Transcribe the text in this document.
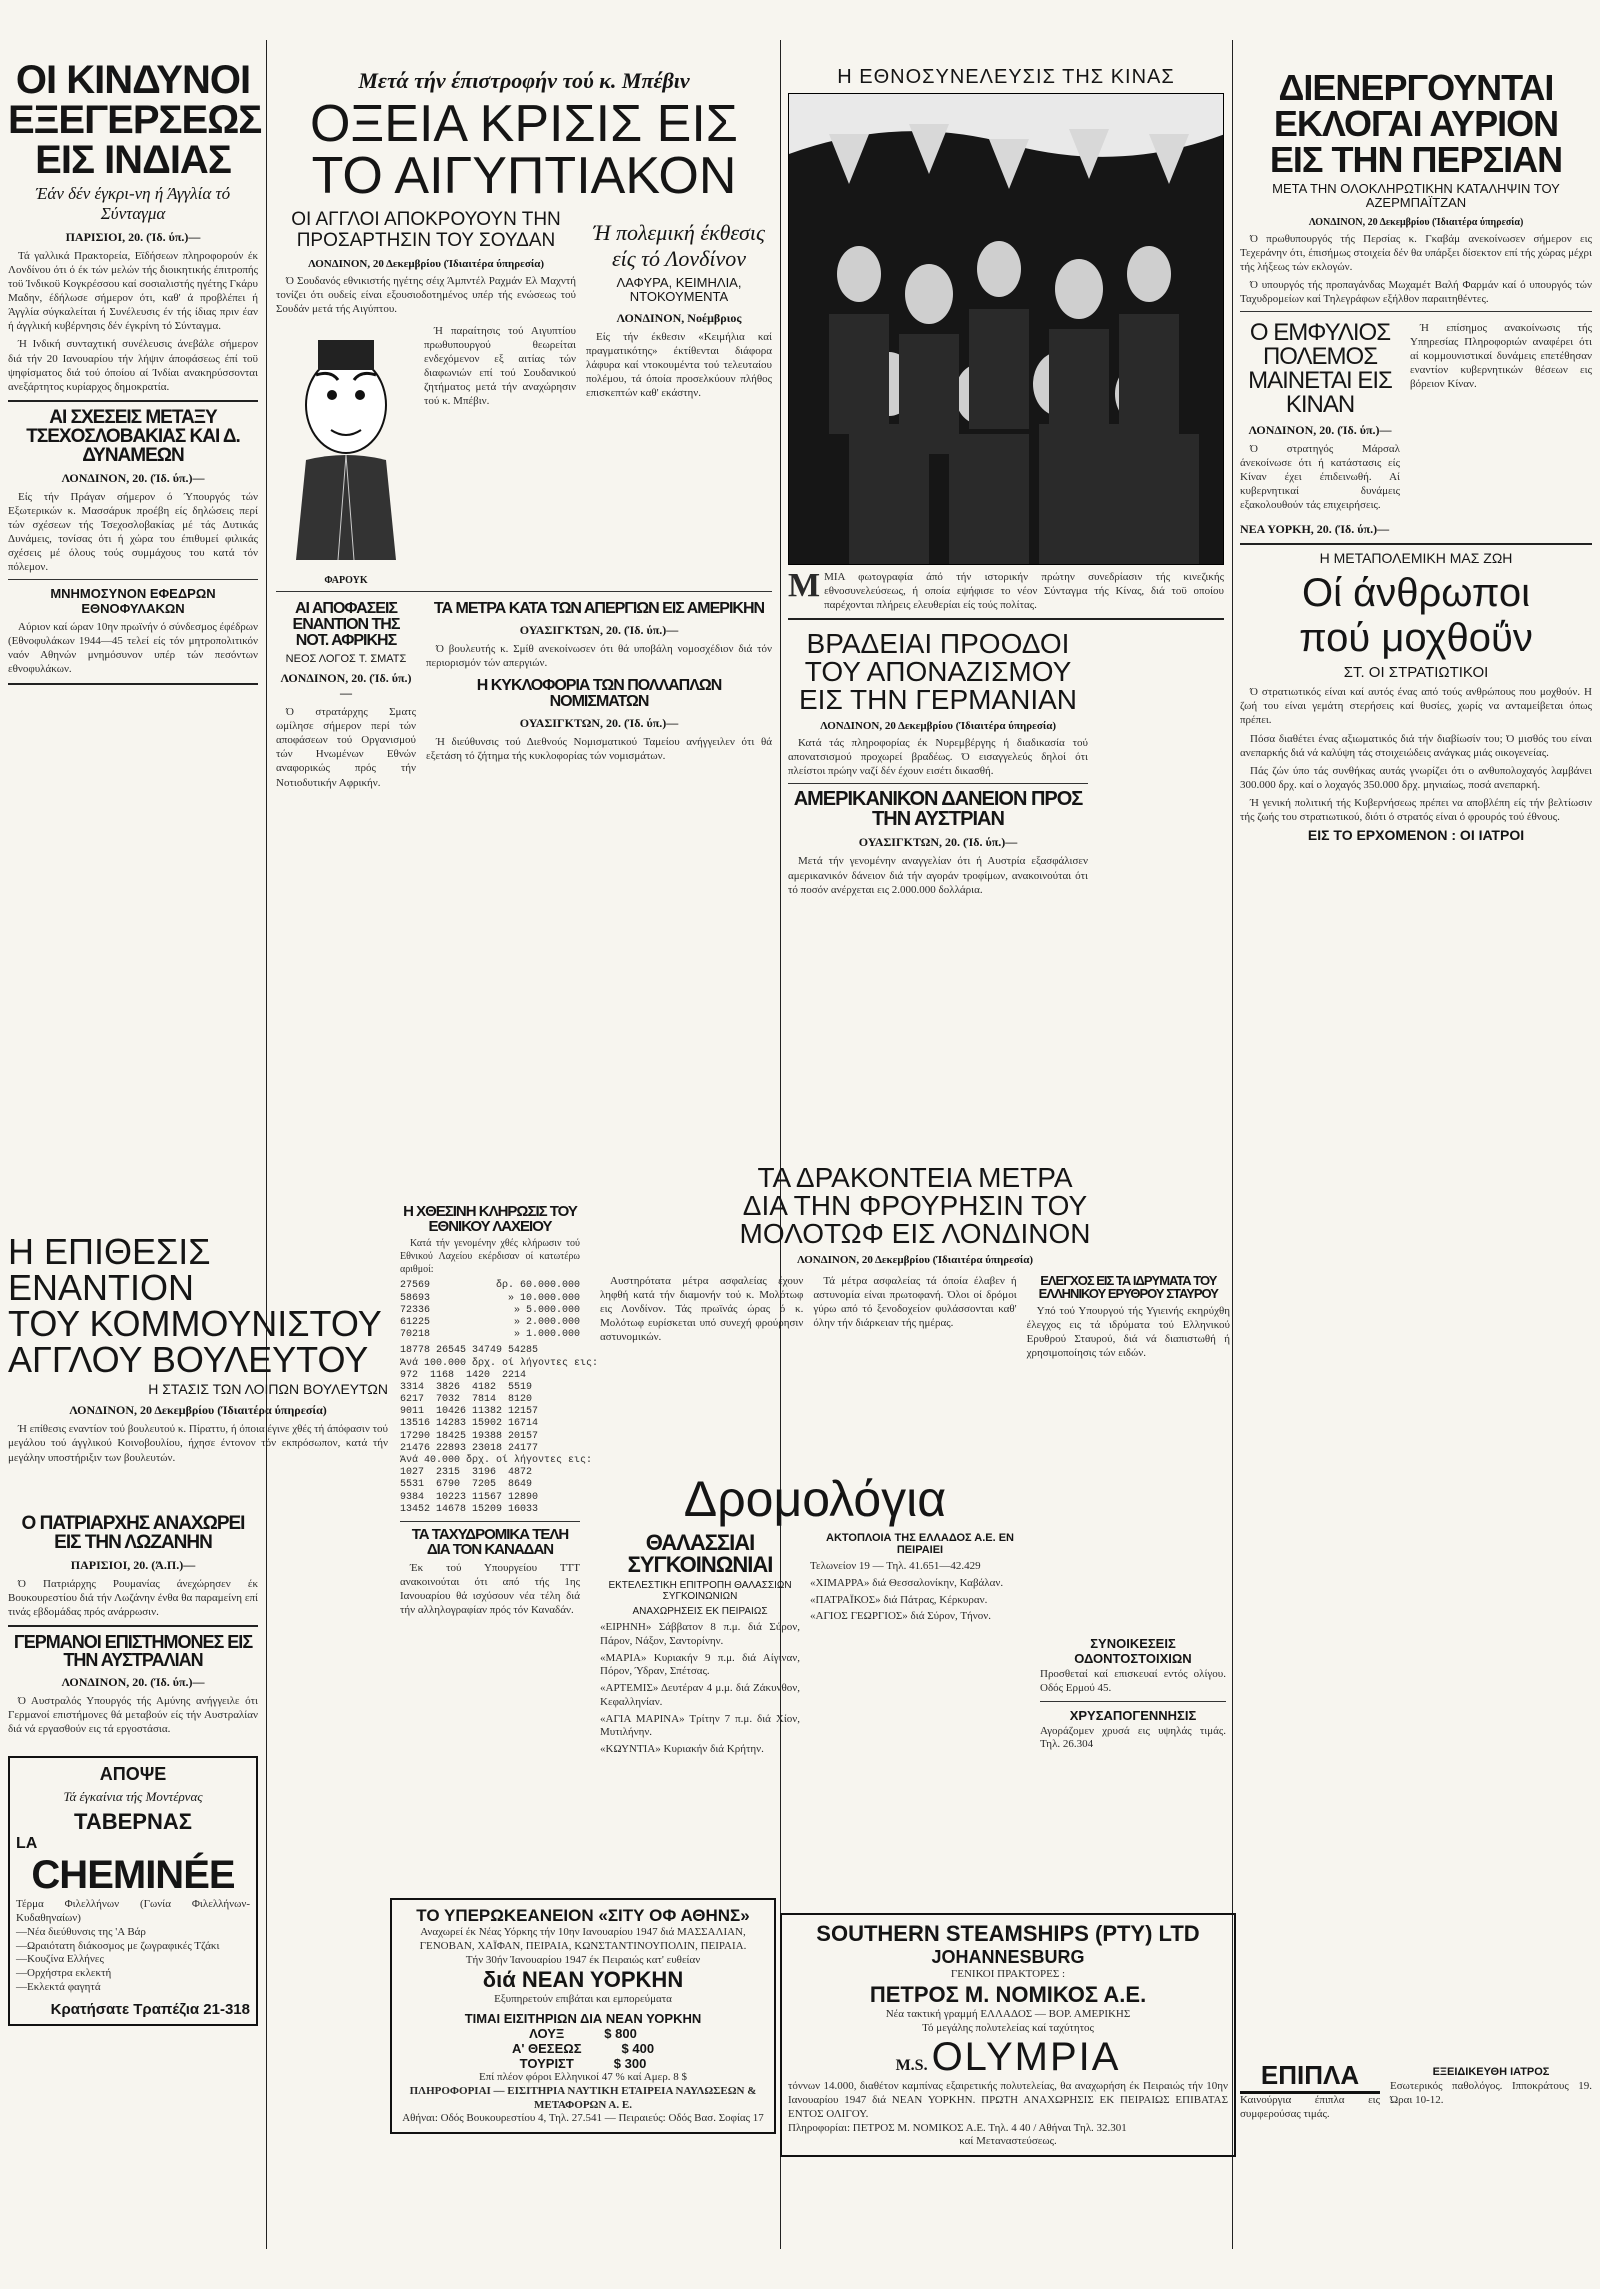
ΟΙ ΚΙΝΔΥΝΟΙ
ΕΞΕΓΕΡΣΕΩΣ
ΕΙΣ ΙΝΔΙΑΣ
Έάν δέν έγκρι-νη ή Άγγλία τό Σύνταγμα
ΠΑΡΙΣΙΟΙ, 20. (Ίδ. ύπ.)—
Τά γαλλικά Πρακτορεία, Εϊδήσεων πληροφορούν έκ Λονδίνου ότι ό έκ τών μελών τής διοικητικής έπιτροπής τοϋ Ίνδικοϋ Κογκρέσσου καί σοσιαλιστής ηγέτης Γκάρυ Μαδην, έδήλωσε σήμερον ότι, καθ' ά προβλέπει ή Άγγλία σύγκαλείται ή Συνέλευσις έν τής ίδιας πριν έαν ή άγγλική κυβέρνησις δέν έγκρίνη τό Σύνταγμα.
Ή Ινδική συνταχτική συνέλευσις άνεβάλε σήμερον διά τήν 20 Ιανουαρίου τήν λήψιν άποφάσεως έπί τοϋ ψηφίσματος διά τού όποίου αί Ίνδίαι ανακηρύσσονται ανεξάρτητος κυρίαρχος δημοκρατία.
ΑΙ ΣΧΕΣΕΙΣ ΜΕΤΑΞΥ ΤΣΕΧΟΣΛΟΒΑΚΙΑΣ ΚΑΙ Δ. ΔΥΝΑΜΕΩΝ
ΛΟΝΔΙΝΟΝ, 20. (Ίδ. ύπ.)—
Είς τήν Πράγαν σήμερον ό Ύπουργός τών Εξωτερικών κ. Μασσάρυκ προέβη είς δηλώσεις περί τών σχέσεων τής Τσεχοσλοβακίας μέ τάς Δυτικάς Δυνάμεις, τονίσας ότι ή χώρα του έπιθυμεί φιλικάς σχέσεις μέ όλους τούς συμμάχους του κατά τόν πόλεμον.
ΜΝΗΜΟΣΥΝΟΝ ΕΦΕΔΡΩΝ ΕΘΝΟΦΥΛΑΚΩΝ
Αύριον καί ώραν 10ην πρωϊνήν ό σύνδεσμος έφέδρων (Εθνοφυλάκων 1944—45 τελεί είς τόν μητροπολιτικόν ναόν Αθηνών μνημόσυνον υπέρ τών πεσόντων εθνοφυλάκων.
Η ΕΠΙΘΕΣΙΣ ΕΝΑΝΤΙΟΝ
ΤΟΥ ΚΟΜΜΟΥΝΙΣΤΟΥ
ΑΓΓΛΟΥ ΒΟΥΛΕΥΤΟΥ
Η ΣΤΑΣΙΣ ΤΩΝ ΛΟΙΠΩΝ ΒΟΥΛΕΥΤΩΝ
ΛΟΝΔΙΝΟΝ, 20 Δεκεμβρίου (Ίδιαιτέρα ύπηρεσία)
Ή επίθεσις εναντίον τού βουλευτού κ. Πίραττυ, ή όποια έγινε χθές τή άπόφασιν τού μεγάλου τού άγγλικού Κοινοβουλίου, ήχησε έντονον τόν εκπρόσωπον, κατά τήν μεγάλην υποστήριξιν των βουλευτών.
Ο ΠΑΤΡΙΑΡΧΗΣ ΑΝΑΧΩΡΕΙ ΕΙΣ ΤΗΝ ΛΩΖΑΝΗΝ
ΠΑΡΙΣΙΟΙ, 20. (Ά.Π.)—
Ό Πατριάρχης Ρουμανίας άνεχώρησεν έκ Βουκουρεστίου διά τήν Λωζάνην ένθα θα παραμείνη επί τινάς εβδομάδας πρός ανάρρωσιν.
ΓΕΡΜΑΝΟΙ ΕΠΙΣΤΗΜΟΝΕΣ ΕΙΣ ΤΗΝ ΑΥΣΤΡΑΛΙΑΝ
ΛΟΝΔΙΝΟΝ, 20. (Ίδ. ύπ.)—
Ό Αυστραλός Υπουργός τής Αμύνης ανήγγειλε ότι Γερμανοί επιστήμονες θά μεταβούν είς τήν Αυστραλίαν διά νά εργασθούν εις τά εργοστάσια.
ΑΠΟΨΕ
Τά έγκαίνια τής Μοντέρνας
ΤΑΒΕΡΝΑΣ
LA
CHEMINÉE
Τέρμα Φιλελλήνων (Γωνία Φιλελλήνων-Κυδαθηναίων)
—Νέα διεύθυνσις της 'Α Βάρ
—Ωραιότατη διάκοσμος με ζωγραφικές Τζάκι
—Κουζίνα Ελλήνες
—Ορχήστρα εκλεκτή
—Εκλεκτά φαγητά
Κρατήσατε Τραπέζια 21-318
Μετά τήν έπιστροφήν τού κ. Μπέβιν
ΟΞΕΙΑ ΚΡΙΣΙΣ ΕΙΣ
ΤΟ ΑΙΓΥΠΤΙΑΚΟΝ
ΟΙ ΑΓΓΛΟΙ ΑΠΟΚΡΟΥΟΥΝ ΤΗΝ ΠΡΟΣΑΡΤΗΣΙΝ ΤΟΥ ΣΟΥΔΑΝ
ΛΟΝΔΙΝΟΝ, 20 Δεκεμβρίου (Ίδιαιτέρα ύπηρεσία)
Ό Σουδανός εθνικιστής ηγέτης σέιχ Άμπντέλ Ραχμάν Ελ Μαχντή τονίζει ότι ουδείς είναι εξουσιοδοτημένος υπέρ τής ενώσεως τού Σουδάν μετά τής Αιγύπτου.
ΦΑΡΟΥΚ
Ή παραίτησις τού Αιγυπτίου πρωθυπουργού θεωρείται ενδεχόμενον εξ αιτίας τών διαφωνιών επί τού Σουδανικού ζητήματος μετά τήν αναχώρησιν τού κ. Μπέβιν.
Ή πολεμική έκθεσις είς τό Λονδίνον
ΛΑΦΥΡΑ, ΚΕΙΜΗΛΙΑ, ΝΤΟΚΟΥΜΕΝΤΑ
ΛΟΝΔΙΝΟΝ, Νοέμβριος
Είς τήν έκθεσιν «Κειμήλια καί πραγματικότης» έκτίθενται διάφορα λάφυρα καί ντοκουμέντα τού τελευταίου πολέμου, τά όποία προσελκύουν πλήθος επισκεπτών καθ' εκάστην.
ΑΙ ΑΠΟΦΑΣΕΙΣ ΕΝΑΝΤΙΟΝ ΤΗΣ ΝΟΤ. ΑΦΡΙΚΗΣ
ΝΕΟΣ ΛΟΓΟΣ Τ. ΣΜΑΤΣ
ΛΟΝΔΙΝΟΝ, 20. (Ίδ. ύπ.)—
Ό στρατάρχης Σματς ωμίλησε σήμερον περί τών αποφάσεων τού Οργανισμού τών Ηνωμένων Εθνών αναφορικώς πρός τήν Νοτιοδυτικήν Αφρικήν.
ΤΑ ΜΕΤΡΑ ΚΑΤΑ ΤΩΝ ΑΠΕΡΓΙΩΝ ΕΙΣ ΑΜΕΡΙΚΗΝ
ΟΥΑΣΙΓΚΤΩΝ, 20. (Ίδ. ύπ.)—
Ό βουλευτής κ. Σμίθ ανεκοίνωσεν ότι θά υποβάλη νομοσχέδιον διά τόν περιορισμόν τών απεργιών.
Η ΚΥΚΛΟΦΟΡΙΑ ΤΩΝ ΠΟΛΛΑΠΛΩΝ ΝΟΜΙΣΜΑΤΩΝ
ΟΥΑΣΙΓΚΤΩΝ, 20. (Ίδ. ύπ.)—
Ή διεύθυνσις τού Διεθνούς Νομισματικού Ταμείου ανήγγειλεν ότι θά εξετάση τό ζήτημα τής κυκλοφορίας τών νομισμάτων.
Η ΧΘΕΣΙΝΗ ΚΛΗΡΩΣΙΣ ΤΟΥ ΕΘΝΙΚΟΥ ΛΑΧΕΙΟΥ
Κατά τήν γενομένην χθές κλήρωσιν τού Εθνικού Λαχείου εκέρδισαν οί κατωτέρω αριθμοί:
27569	δρ. 60.000.000
58693	» 10.000.000
72336	» 5.000.000
61225	» 2.000.000
70218	» 1.000.000
18778 26545 34749 54285
Άνά 100.000 δρχ. οί λήγοντες εις:
972  1168  1420  2214
3314  3826  4182  5519
6217  7032  7814  8120
9011  10426 11382 12157
13516 14283 15902 16714
17290 18425 19388 20157
21476 22893 23018 24177
Άνά 40.000 δρχ. οί λήγοντες εις:
1027  2315  3196  4872
5531  6790  7205  8649
9384  10223 11567 12890
13452 14678 15209 16033
ΤΑ ΤΑΧΥΔΡΟΜΙΚΑ ΤΕΛΗ ΔΙΑ ΤΟΝ ΚΑΝΑΔΑΝ
Έκ τού Υπουργείου ΤΤΤ ανακοινούται ότι από τής 1ης Ιανουαρίου θά ισχύσουν νέα τέλη διά τήν αλληλογραφίαν πρός τόν Καναδάν.
Η ΕΘΝΟΣΥΝΕΛΕΥΣΙΣ ΤΗΣ ΚΙΝΑΣ
Μ ΜΙΑ φωτογραφία άπό τήν ιστορικήν πρώτην συνεδρίασιν τής κινεζικής εθνοσυνελεύσεως, ή οποία εψήφισε το νέον Σύνταγμα τής Κίνας, διά τοϋ οποίου παρέχονται πλήρεις ελευθερίαι είς τούς πολίτας.
ΒΡΑΔΕΙΑΙ ΠΡΟΟΔΟΙ
ΤΟΥ ΑΠΟΝΑΖΙΣΜΟΥ
ΕΙΣ ΤΗΝ ΓΕΡΜΑΝΙΑΝ
ΛΟΝΔΙΝΟΝ, 20 Δεκεμβρίου (Ίδιαιτέρα ύπηρεσία)
Κατά τάς πληροφορίας έκ Νυρεμβέργης ή διαδικασία τού απονατσισμού προχωρεί βραδέως. Ό εισαγγελεύς δηλοί ότι πλείστοι πρώην ναζί δέν έχουν εισέτι δικασθή.
ΑΜΕΡΙΚΑΝΙΚΟΝ ΔΑΝΕΙΟΝ ΠΡΟΣ ΤΗΝ ΑΥΣΤΡΙΑΝ
ΟΥΑΣΙΓΚΤΩΝ, 20. (Ίδ. ύπ.)—
Μετά τήν γενομένην αναγγελίαν ότι ή Αυστρία εξασφάλισεν αμερικανικόν δάνειον διά τήν αγοράν τροφίμων, ανακοινούται ότι τό ποσόν ανέρχεται εις 2.000.000 δολλάρια.
ΤΑ ΔΡΑΚΟΝΤΕΙΑ ΜΕΤΡΑ
ΔΙΑ ΤΗΝ ΦΡΟΥΡΗΣΙΝ ΤΟΥ
ΜΟΛΟΤΩΦ ΕΙΣ ΛΟΝΔΙΝΟΝ
ΛΟΝΔΙΝΟΝ, 20 Δεκεμβρίου (Ίδιαιτέρα ύπηρεσία)
Αυστηρότατα μέτρα ασφαλείας έχουν ληφθή κατά τήν διαμονήν τού κ. Μολότωφ εις Λονδίνον. Τάς πρωϊνάς ώρας ό κ. Μολότωφ ευρίσκεται υπό συνεχή φρούρησιν αστυνομικών.
Τά μέτρα ασφαλείας τά όποία έλαβεν ή αστυνομία είναι πρωτοφανή. Όλοι οί δρόμοι γύρω από τό ξενοδοχείον φυλάσσονται καθ' όλην τήν διάρκειαν τής ημέρας.
ΕΛΕΓΧΟΣ ΕΙΣ ΤΑ ΙΔΡΥΜΑΤΑ ΤΟΥ ΕΛΛΗΝΙΚΟΥ ΕΡΥΘΡΟΥ ΣΤΑΥΡΟΥ
Υπό τού Υπουργού τής Υγιεινής εκηρύχθη έλεγχος εις τά ιδρύματα τού Ελληνικού Ερυθρού Σταυρού, διά νά διαπιστωθή ή χρησιμοποίησις τών ειδών.
Δρομολόγια
ΘΑΛΑΣΣΙΑΙ ΣΥΓΚΟΙΝΩΝΙΑΙ
ΕΚΤΕΛΕΣΤΙΚΗ ΕΠΙΤΡΟΠΗ ΘΑΛΑΣΣΙΩΝ ΣΥΓΚΟΙΝΩΝΙΩΝ
ΑΝΑΧΩΡΗΣΕΙΣ ΕΚ ΠΕΙΡΑΙΩΣ
«ΕΙΡΗΝΗ» Σάββατον 8 π.μ. διά Σύρον, Πάρον, Νάξον, Σαντορίνην.
«ΜΑΡΙΑ» Κυριακήν 9 π.μ. διά Αίγιναν, Πόρον, Ύδραν, Σπέτσας.
«ΑΡΤΕΜΙΣ» Δευτέραν 4 μ.μ. διά Ζάκυνθον, Κεφαλληνίαν.
«ΑΓΙΑ ΜΑΡΙΝΑ» Τρίτην 7 π.μ. διά Χίον, Μυτιλήνην.
«ΚΩΥΝΤΙΑ» Κυριακήν διά Κρήτην.
ΑΚΤΟΠΛΟΙΑ ΤΗΣ ΕΛΛΑΔΟΣ Α.Ε. ΕΝ ΠΕΙΡΑΙΕΙ
Τελωνείον 19 — Τηλ. 41.651—42.429
«ΧΙΜΑΡΡΑ» διά Θεσσαλονίκην, Καβάλαν.
«ΠΑΤΡΑΪΚΟΣ» διά Πάτρας, Κέρκυραν.
«ΑΓΙΟΣ ΓΕΩΡΓΙΟΣ» διά Σύρον, Τήνον.
ΤΟ ΥΠΕΡΩΚΕΑΝΕΙΟΝ «ΣΙΤΥ ΟΦ ΑΘΗΝΣ»
Αναχωρεί έκ Νέας Υόρκης τήν 10ην Ιανουαρίου 1947 διά ΜΑΣΣΑΛΙΑΝ, ΓΕΝΟΒΑΝ, ΧΑΪΦΑΝ, ΠΕΙΡΑΙΑ, ΚΩΝΣΤΑΝΤΙΝΟΥΠΟΛΙΝ, ΠΕΙΡΑΙΑ.
Τήν 30ήν Ίανουαρίου 1947 έκ Πειραιώς κατ' ευθείαν
διά ΝΕΑΝ ΥΟΡΚΗΝ
Εξυπηρετούν επιβάται και εμπορεύματα
ΤΙΜΑΙ ΕΙΣΙΤΗΡΙΩΝ ΔΙΑ ΝΕΑΝ ΥΟΡΚΗΝ
ΛΟΥΞ	$ 800
Α' ΘΕΣΕΩΣ	$ 400
ΤΟΥΡΙΣΤ	$ 300
Επί πλέον φόροι Ελληνικοί 47 % καί Αμερ. 8 $
ΠΛΗΡΟΦΟΡΙΑΙ — ΕΙΣΙΤΗΡΙΑ ΝΑΥΤΙΚΗ ΕΤΑΙΡΕΙΑ ΝΑΥΛΩΣΕΩΝ & ΜΕΤΑΦΟΡΩΝ Α. Ε.
Αθήναι: Οδός Βουκουρεστίου 4, Τηλ. 27.541 — Πειραιεύς: Οδός Βασ. Σοφίας 17
ΔΙΕΝΕΡΓΟΥΝΤΑΙ
ΕΚΛΟΓΑΙ ΑΥΡΙΟΝ
ΕΙΣ ΤΗΝ ΠΕΡΣΙΑΝ
ΜΕΤΑ ΤΗΝ ΟΛΟΚΛΗΡΩΤΙΚΗΝ ΚΑΤΑΛΗΨΙΝ ΤΟΥ ΑΖΕΡΜΠΑΪΤΖΑΝ
ΛΟΝΔΙΝΟΝ, 20 Δεκεμβρίου (Ίδιαιτέρα ύπηρεσία)
Ό πρωθυπουργός τής Περσίας κ. Γκαβάμ ανεκοίνωσεν σήμερον εις Τεχεράνην ότι, έπισήμως στοιχεία δέν θα υπάρξει δίσεκτον επί τής χώρας μέχρι τής λήξεως τών εκλογών.
Ό υπουργός τής προπαγάνδας Μωχαμέτ Βαλή Φαρμάν καί ό υπουργός τών Ταχυδρομείων καί Τηλεγράφων εξήλθον παραιτηθέντες.
Ο ΕΜΦΥΛΙΟΣ ΠΟΛΕΜΟΣ ΜΑΙΝΕΤΑΙ ΕΙΣ ΚΙΝΑΝ
ΛΟΝΔΙΝΟΝ, 20. (Ίδ. ύπ.)—
Ό στρατηγός Μάρσαλ άνεκοίνωσε ότι ή κατάστασις είς Κίναν έχει έπιδεινωθή. Αί κυβερνητικαί δυνάμεις εξακολουθούν τάς επιχειρήσεις.
Ή επίσημος ανακοίνωσις τής Υπηρεσίας Πληροφοριών αναφέρει ότι αί κομμουνιστικαί δυνάμεις επετέθησαν εναντίον κυβερνητικών θέσεων εις βόρειον Κίναν.
ΝΕΑ ΥΟΡΚΗ, 20. (Ίδ. ύπ.)—
Η ΜΕΤΑΠΟΛΕΜΙΚΗ ΜΑΣ ΖΩΗ
Οί άνθρωποι
πού μοχθοΰν
ΣΤ. ΟΙ ΣΤΡΑΤΙΩΤΙΚΟΙ
Ό στρατιωτικός είναι καί αυτός ένας από τούς ανθρώπους που μοχθούν. Η ζωή του είναι γεμάτη στερήσεις καί θυσίες, χωρίς να ανταμείβεται όπως πρέπει.
Πόσα διαθέτει ένας αξιωματικός διά τήν διαβίωσίν του; Ό μισθός του είναι ανεπαρκής διά νά καλύψη τάς στοιχειώδεις ανάγκας μιάς οικογενείας.
Πάς ζών ύπο τάς συνθήκας αυτάς γνωρίζει ότι ο ανθυπολοχαγός λαμβάνει 300.000 δρχ. καί ο λοχαγός 350.000 δρχ. μηνιαίως, ποσά ανεπαρκή.
Ή γενική πολιτική τής Κυβερνήσεως πρέπει να αποβλέπη είς τήν βελτίωσιν τής ζωής του στρατιωτικού, διότι ό στρατός είναι ό φρουρός τού έθνους.
ΕΙΣ ΤΟ ΕΡΧΟΜΕΝΟΝ : ΟΙ ΙΑΤΡΟΙ
SOUTHERN STEAMSHIPS (PTY) LTD
JOHANNESBURG
ΓΕΝΙΚΟΙ ΠΡΑΚΤΟΡΕΣ :
ΠΕΤΡΟΣ Μ. ΝΟΜΙΚΟΣ Α.Ε.
Νέα τακτική γραμμή ΕΛΛΑΔΟΣ — ΒΟΡ. ΑΜΕΡΙΚΗΣ
Τό μεγάλης πολυτελείας καί ταχύτητος
M.S. OLYMPIA
τόννων 14.000, διαθέτον καμπίνας εξαιρετικής πολυτελείας, θα αναχωρήση έκ Πειραιώς τήν 10ην Ιανουαρίου 1947 διά ΝΕΑΝ ΥΟΡΚΗΝ. ΠΡΩΤΗ ΑΝΑΧΩΡΗΣΙΣ ΕΚ ΠΕΙΡΑΙΩΣ ΕΠΙΒΑΤΑΣ ΕΝΤΟΣ ΟΛΙΓΟΥ.
Πληροφορίαι: ΠΕΤΡΟΣ Μ. ΝΟΜΙΚΟΣ Α.Ε. Τηλ. 4 40 / Αθήναι Τηλ. 32.301
καί Μεταναστεύσεως.
ΣΥΝΟΙΚΕΣΕΙΣ ΟΔΟΝΤΟΣΤΟΙΧΙΩΝ
Προσθεταί καί επισκευαί εντός ολίγου. Οδός Ερμού 45.
ΧΡΥΣΑΠΟΓΕΝΝΗΣΙΣ
Αγοράζομεν χρυσά εις υψηλάς τιμάς. Τηλ. 26.304
ΕΠΙΠΛΑ
Καινούργια έπιπλα εις συμφερούσας τιμάς.
ΕΞΕΙΔΙΚΕΥΘΗ ΙΑΤΡΟΣ
Εσωτερικός παθολόγος. Ιπποκράτους 19. Ώραι 10-12.
